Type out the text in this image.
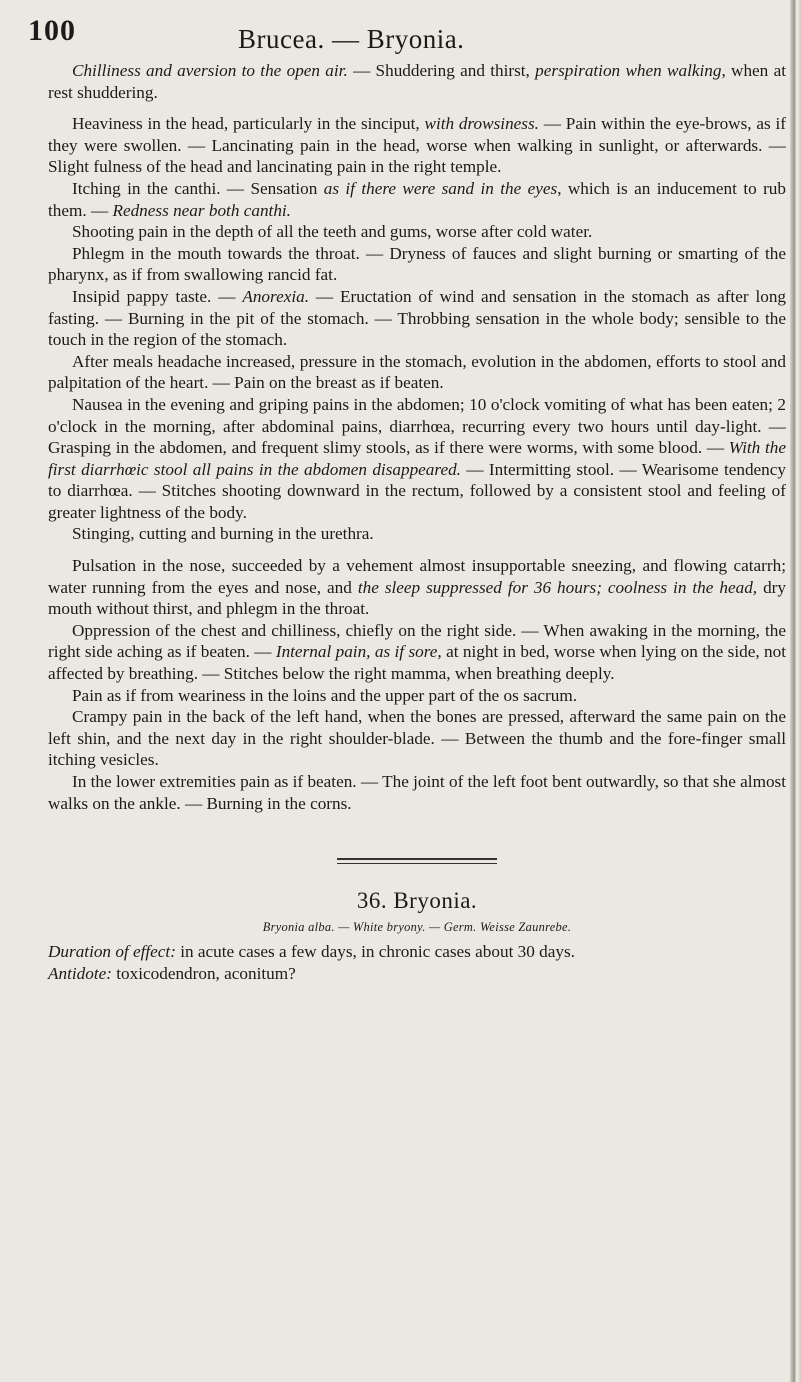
100	Brucea. — Bryonia.

Chilliness and aversion to the open air. — Shuddering and thirst, perspiration when walking, when at rest shuddering.

Heaviness in the head, particularly in the sinciput, with drowsiness. — Pain within the eye-brows, as if they were swollen. — Lancinating pain in the head, worse when walking in sunlight, or afterwards. — Slight fulness of the head and lancinating pain in the right temple.

Itching in the canthi. — Sensation as if there were sand in the eyes, which is an inducement to rub them. — Redness near both canthi.

Shooting pain in the depth of all the teeth and gums, worse after cold water.

Phlegm in the mouth towards the throat. — Dryness of fauces and slight burning or smarting of the pharynx, as if from swallowing rancid fat.

Insipid pappy taste. — Anorexia. — Eructation of wind and sensation in the stomach as after long fasting. — Burning in the pit of the stomach. — Throbbing sensation in the whole body; sensible to the touch in the region of the stomach.

After meals headache increased, pressure in the stomach, evolution in the abdomen, efforts to stool and palpitation of the heart. — Pain on the breast as if beaten.

Nausea in the evening and griping pains in the abdomen; 10 o'clock vomiting of what has been eaten; 2 o'clock in the morning, after abdominal pains, diarrhœa, recurring every two hours until day-light. — Grasping in the abdomen, and frequent slimy stools, as if there were worms, with some blood. — With the first diarrhœic stool all pains in the abdomen disappeared. — Intermitting stool. — Wearisome tendency to diarrhœa. — Stitches shooting downward in the rectum, followed by a consistent stool and feeling of greater lightness of the body.

Stinging, cutting and burning in the urethra.

Pulsation in the nose, succeeded by a vehement almost insupportable sneezing, and flowing catarrh; water running from the eyes and nose, and the sleep suppressed for 36 hours; coolness in the head, dry mouth without thirst, and phlegm in the throat.

Oppression of the chest and chilliness, chiefly on the right side. — When awaking in the morning, the right side aching as if beaten. — Internal pain, as if sore, at night in bed, worse when lying on the side, not affected by breathing. — Stitches below the right mamma, when breathing deeply.

Pain as if from weariness in the loins and the upper part of the os sacrum.

Crampy pain in the back of the left hand, when the bones are pressed, afterward the same pain on the left shin, and the next day in the right shoulder-blade. — Between the thumb and the fore-finger small itching vesicles.

In the lower extremities pain as if beaten. — The joint of the left foot bent outwardly, so that she almost walks on the ankle. — Burning in the corns.

36. Bryonia.
Bryonia alba. — White bryony. — Germ. Weisse Zaunrebe.

Duration of effect: in acute cases a few days, in chronic cases about 30 days.

Antidote: toxicodendron, aconitum?
